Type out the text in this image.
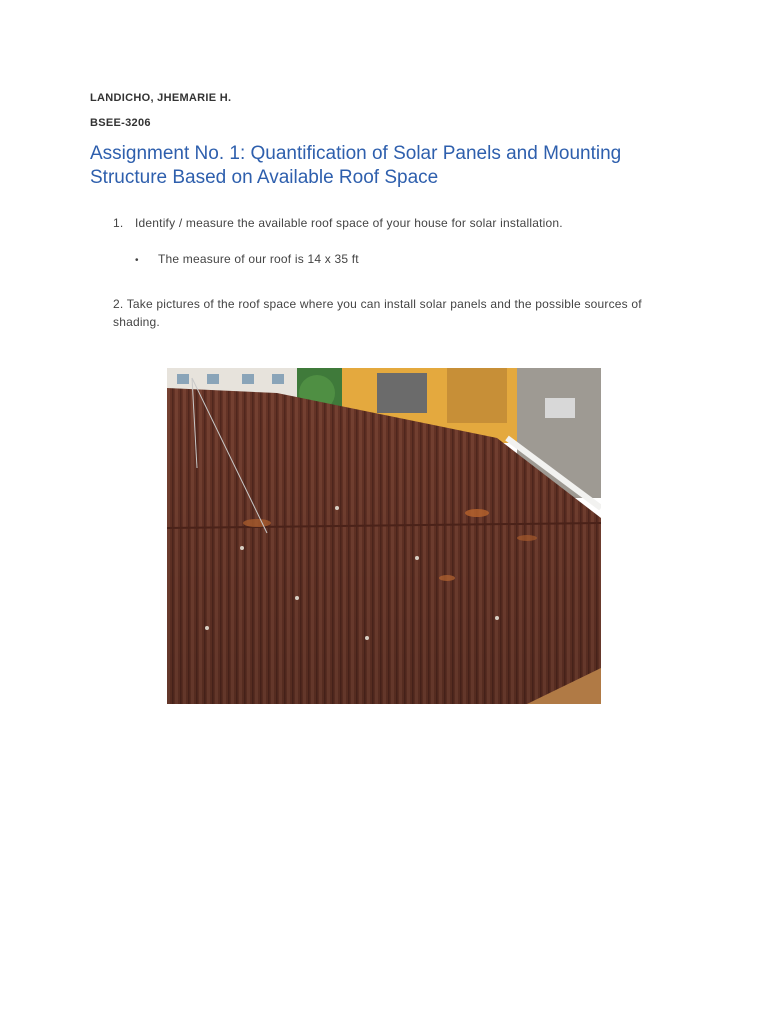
LANDICHO, JHEMARIE H.
BSEE-3206
Assignment No. 1: Quantification of Solar Panels and Mounting Structure Based on Available Roof Space
1. Identify / measure the available roof space of your house for solar installation.
• The measure of our roof is 14 x 35 ft
2. Take pictures of the roof space where you can install solar panels and the possible sources of shading.
